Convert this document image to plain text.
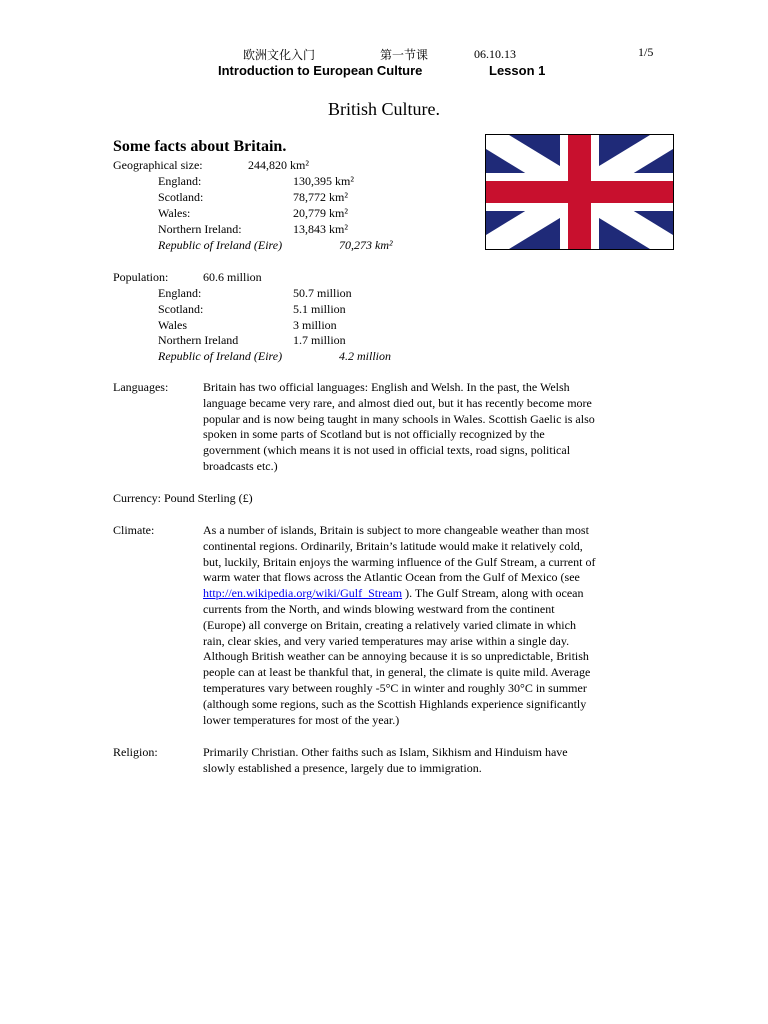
欧洲文化入门	第一节课	06.10.13	1/5
Introduction to European Culture	Lesson 1
British Culture.
Some facts about Britain.
Geographical size:	244,820 km²
England:	130,395 km²
Scotland:	78,772 km²
Wales:	20,779 km²
Northern Ireland:	13,843 km²
Republic of Ireland (Eire)	70,273 km²
Population:	60.6 million
England:	50.7 million
Scotland:	5.1 million
Wales	3 million
Northern Ireland	1.7 million
Republic of Ireland (Eire)	4.2 million
Languages:	Britain has two official languages: English and Welsh. In the past, the Welsh
language became very rare, and almost died out, but it has recently become more
popular and is now being taught in many schools in Wales. Scottish Gaelic is also
spoken in some parts of Scotland but is not officially recognized by the
government (which means it is not used in official texts, road signs, political
broadcasts etc.)
Currency: Pound Sterling (£)
Climate:	As a number of islands, Britain is subject to more changeable weather than most
continental regions. Ordinarily, Britain’s latitude would make it relatively cold,
but, luckily, Britain enjoys the warming influence of the Gulf Stream, a current of
warm water that flows across the Atlantic Ocean from the Gulf of Mexico (see
http://en.wikipedia.org/wiki/Gulf_Stream ). The Gulf Stream, along with ocean
currents from the North, and winds blowing westward from the continent
(Europe) all converge on Britain, creating a relatively varied climate in which
rain, clear skies, and very varied temperatures may arise within a single day.
Although British weather can be annoying because it is so unpredictable, British
people can at least be thankful that, in general, the climate is quite mild. Average
temperatures vary between roughly -5°C in winter and roughly 30°C in summer
(although some regions, such as the Scottish Highlands experience significantly
lower temperatures for most of the year.)
Religion:	Primarily Christian. Other faiths such as Islam, Sikhism and Hinduism have
slowly established a presence, largely due to immigration.
